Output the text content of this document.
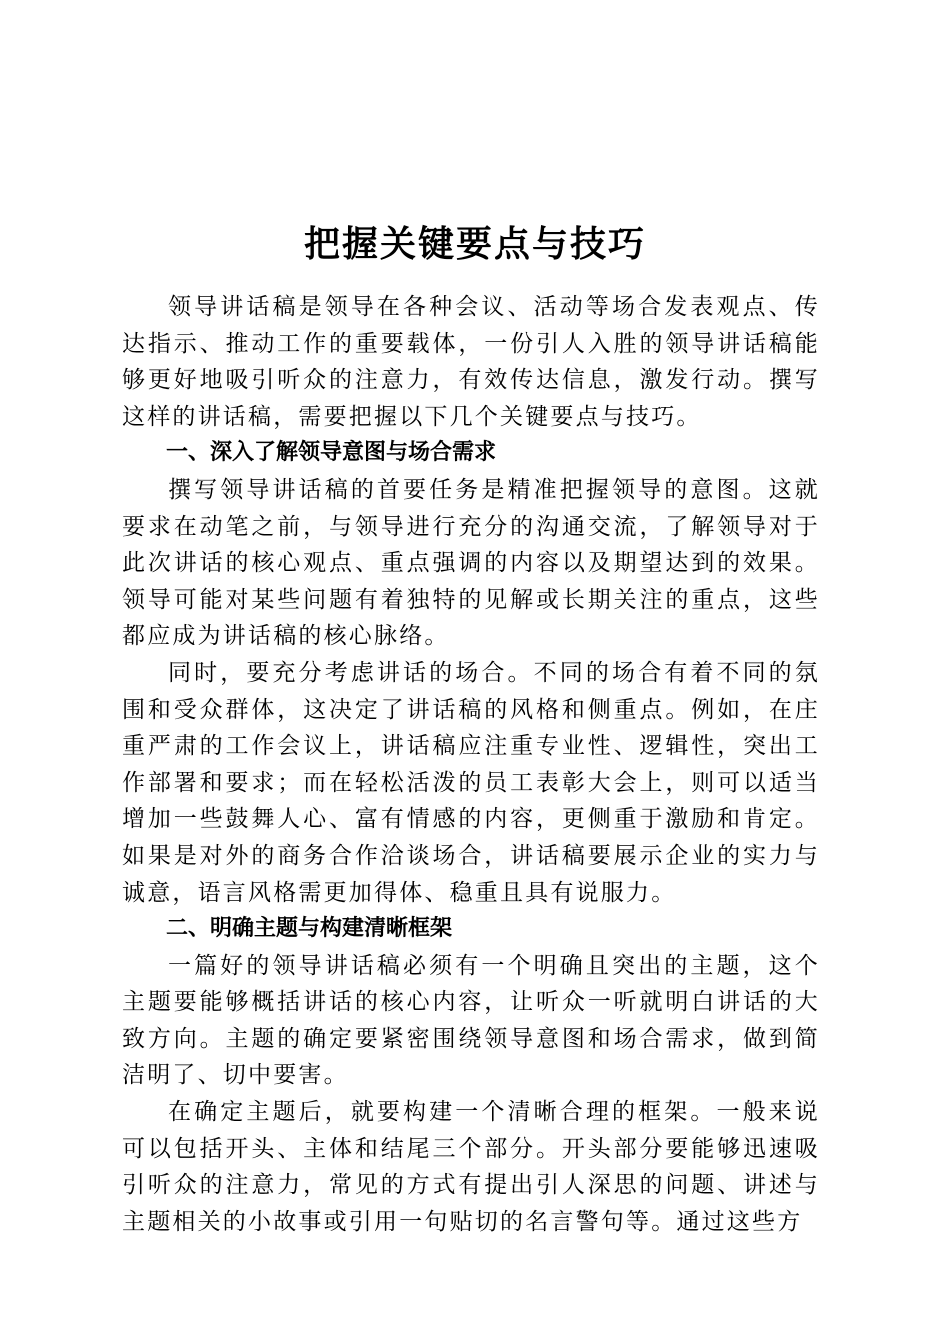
把握关键要点与技巧

领导讲话稿是领导在各种会议、活动等场合发表观点、传达指示、推动工作的重要载体，一份引人入胜的领导讲话稿能够更好地吸引听众的注意力，有效传达信息，激发行动。撰写这样的讲话稿，需要把握以下几个关键要点与技巧。

一、深入了解领导意图与场合需求

撰写领导讲话稿的首要任务是精准把握领导的意图。这就要求在动笔之前，与领导进行充分的沟通交流，了解领导对于此次讲话的核心观点、重点强调的内容以及期望达到的效果。领导可能对某些问题有着独特的见解或长期关注的重点，这些都应成为讲话稿的核心脉络。

同时，要充分考虑讲话的场合。不同的场合有着不同的氛围和受众群体，这决定了讲话稿的风格和侧重点。例如，在庄重严肃的工作会议上，讲话稿应注重专业性、逻辑性，突出工作部署和要求；而在轻松活泼的员工表彰大会上，则可以适当增加一些鼓舞人心、富有情感的内容，更侧重于激励和肯定。如果是对外的商务合作洽谈场合，讲话稿要展示企业的实力与诚意，语言风格需更加得体、稳重且具有说服力。

二、明确主题与构建清晰框架

一篇好的领导讲话稿必须有一个明确且突出的主题，这个主题要能够概括讲话的核心内容，让听众一听就明白讲话的大致方向。主题的确定要紧密围绕领导意图和场合需求，做到简洁明了、切中要害。

在确定主题后，就要构建一个清晰合理的框架。一般来说可以包括开头、主体和结尾三个部分。开头部分要能够迅速吸引听众的注意力，常见的方式有提出引人深思的问题、讲述与主题相关的小故事或引用一句贴切的名言警句等。通过这些方
